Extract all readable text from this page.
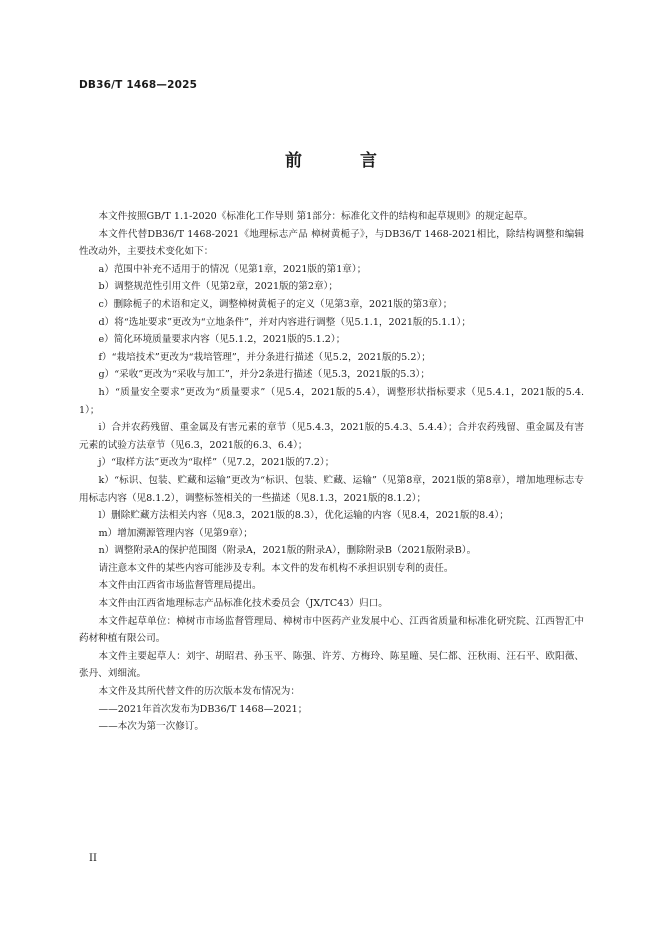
DB36/T 1468—2025
前 言

本文件按照GB/T 1.1-2020《标准化工作导则 第1部分：标准化文件的结构和起草规则》的规定起草。

本文件代替DB36/T 1468-2021《地理标志产品 樟树黄栀子》，与DB36/T 1468-2021相比，除结构调整和编辑性改动外，主要技术变化如下：

a）范围中补充不适用于的情况（见第1章，2021版的第1章）；

b）调整规范性引用文件（见第2章，2021版的第2章）；

c）删除栀子的术语和定义，调整樟树黄栀子的定义（见第3章，2021版的第3章）；

d）将“选址要求”更改为“立地条件”，并对内容进行调整（见5.1.1，2021版的5.1.1）；

e）简化环境质量要求内容（见5.1.2，2021版的5.1.2）；

f）“栽培技术”更改为“栽培管理”，并分条进行描述（见5.2，2021版的5.2）；

g）“采收”更改为“采收与加工”，并分2条进行描述（见5.3，2021版的5.3）；

h）“质量安全要求”更改为“质量要求”（见5.4，2021版的5.4），调整形状指标要求（见5.4.1，2021版的5.4.1）；

i）合并农药残留、重金属及有害元素的章节（见5.4.3，2021版的5.4.3、5.4.4）；合并农药残留、重金属及有害元素的试验方法章节（见6.3，2021版的6.3、6.4）；

j）“取样方法”更改为“取样”（见7.2，2021版的7.2）；

k）“标识、包装、贮藏和运输”更改为“标识、包装、贮藏、运输”（见第8章，2021版的第8章），增加地理标志专用标志内容（见8.1.2），调整标签相关的一些描述（见8.1.3，2021版的8.1.2）；

l）删除贮藏方法相关内容（见8.3，2021版的8.3），优化运输的内容（见8.4，2021版的8.4）；

m）增加溯源管理内容（见第9章）；

n）调整附录A的保护范围图（附录A，2021版的附录A），删除附录B（2021版附录B）。

请注意本文件的某些内容可能涉及专利。本文件的发布机构不承担识别专利的责任。

本文件由江西省市场监督管理局提出。

本文件由江西省地理标志产品标准化技术委员会（JX/TC43）归口。

本文件起草单位：樟树市市场监督管理局、樟树市中医药产业发展中心、江西省质量和标准化研究院、江西智汇中药材种植有限公司。

本文件主要起草人：刘宇、胡昭君、孙玉平、陈强、许芳、方梅玲、陈星曈、吴仁都、汪秋雨、汪石平、欧阳薇、张丹、刘细流。

本文件及其所代替文件的历次版本发布情况为：

——2021年首次发布为DB36/T 1468—2021；

——本次为第一次修订。

II
